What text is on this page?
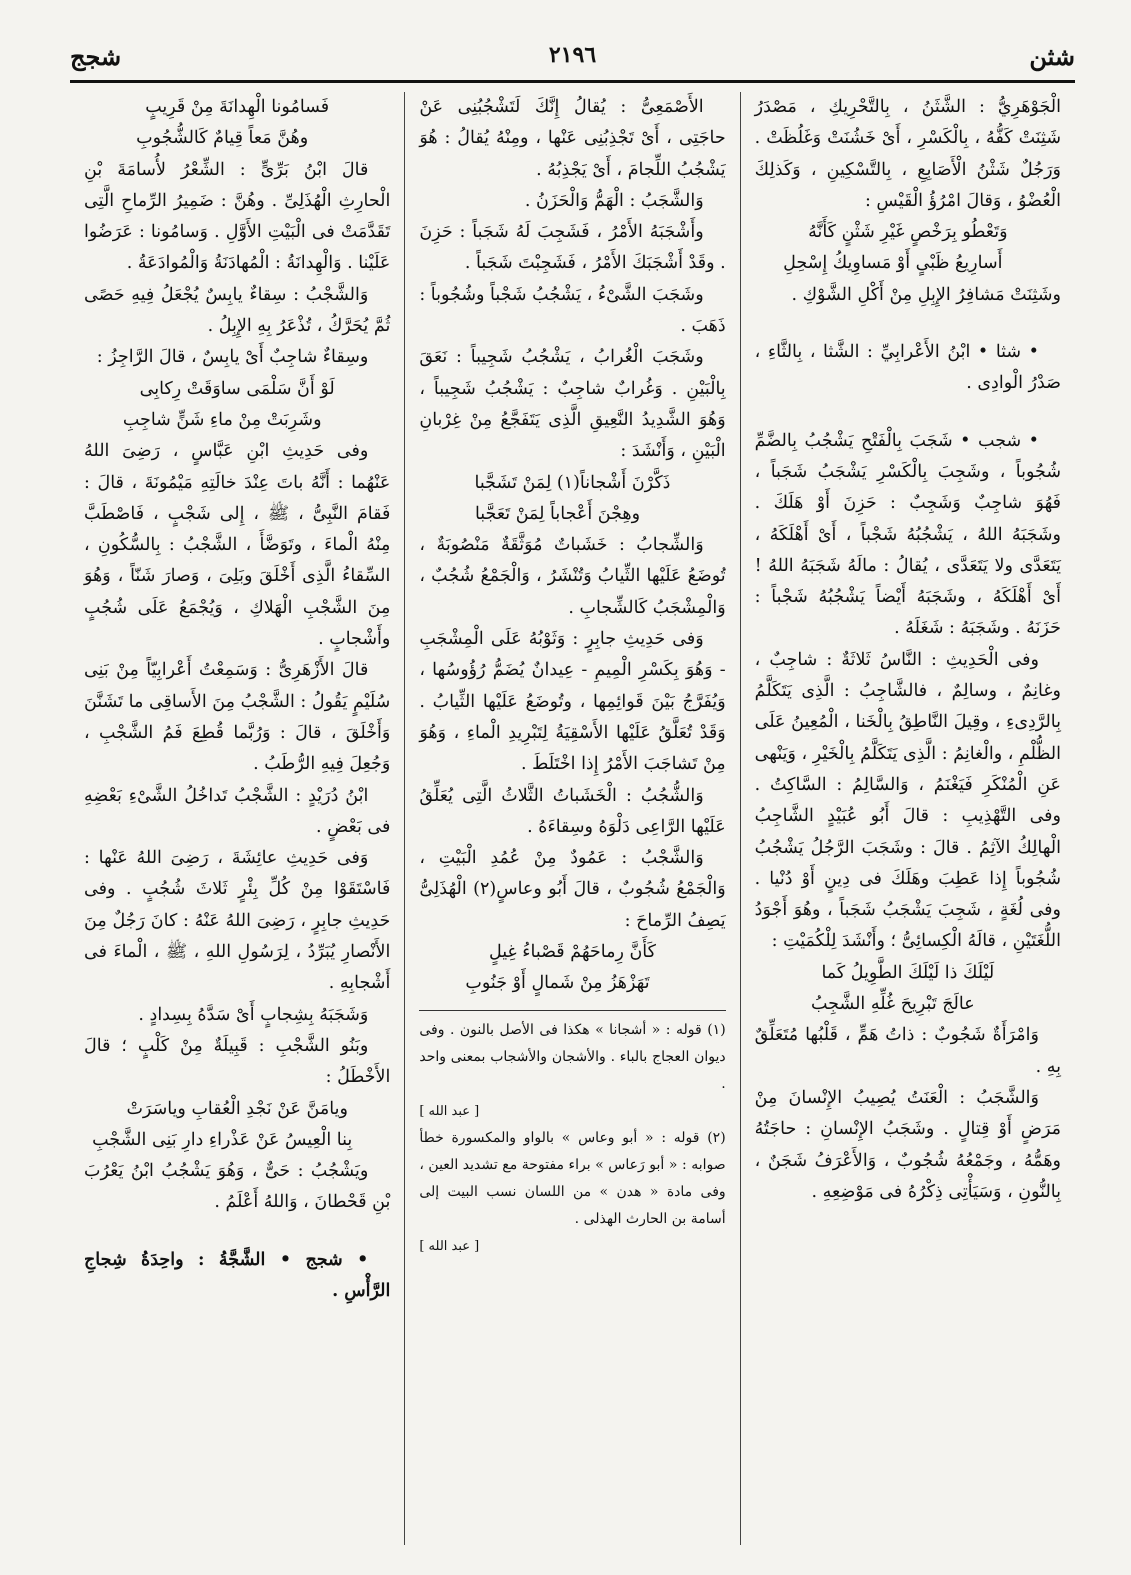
شثن
٢١٩٦
شجج

الْجَوْهَرِيُّ : الشَّثَنُ ، بِالتَّحْرِيكِ ، مَصْدَرُ شَثِنَتْ كَفُّهُ ، بِالْكَسْرِ ، أَىْ خَشُنَتْ وَغَلُظَتْ . وَرَجُلٌ شَثْنُ الْأَصَابِعِ ، بِالتَّسْكِينِ ، وَكَذلِكَ الْعُضْوُ ، وَقالَ امْرُؤُ الْقَيْسِ :

وَتَعْطُو بِرَخْصٍ غَيْرِ شَثْنٍ كَأَنَّهُ

أَسارِيعُ ظَبْىٍ أَوْ مَساوِيكُ إِسْحِلِ

وشَثِنَتْ مَشافِرُ الإِبِلِ مِنْ أَكْلِ الشَّوْكِ .

• شثا • ابْنُ الأَعْرابِيِّ : الشَّثا ، بِالثَّاءِ ، صَدْرُ الْوادِى .

• شجب • شَجَبَ بِالْفَتْحِ يَشْجُبُ بِالضَّمِّ شُجُوباً ، وشَجِبَ بِالْكَسْرِ يَشْجَبُ شَجَباً ، فَهُوَ شاجِبٌ وَشَجِبٌ : حَزِنَ أَوْ هَلَكَ . وشَجَبَهُ اللهُ ، يَشْجُبُهُ شَجْباً ، أَىْ أَهْلَكَهُ ، يَتَعَدَّى ولا يَتَعَدَّى ، يُقالُ : مالَهُ شَجَبَهُ اللهُ ! أَىْ أَهْلَكَهُ ، وشَجَبَهُ أَيْضاً يَشْجُبُهُ شَجْباً : حَزَنَهُ . وشَجَبَهُ : شَغَلَهُ .

وفى الْحَدِيثِ : النَّاسُ ثَلاثَةٌ : شاجِبٌ ، وغانِمٌ ، وسالِمٌ ، فالشَّاجِبُ : الَّذِى يَتَكَلَّمُ بِالرَّدِىءِ ، وقِيلَ النَّاطِقُ بِالْخَنا ، الْمُعِينُ عَلَى الظُّلْمِ ، والْغانِمُ : الَّذِى يَتَكَلَّمُ بِالْخَيْرِ ، وَيَنْهى عَنِ الْمُنْكَرِ فَيَغْنَمُ ، وَالسَّالِمُ : السَّاكِتُ . وفى التَّهْذِيبِ : قالَ أَبُو عُبَيْدٍ الشَّاجِبُ الْهالِكُ الآثِمُ . قالَ : وشَجَبَ الرَّجُلُ يَشْجُبُ شُجُوباً إِذا عَطِبَ وهَلَكَ فى دِينٍ أَوْ دُنْيا . وفى لُغَةٍ ، شَجِبَ يَشْجَبُ شَجَباً ، وهُوَ أَجْوَدُ اللُّغَتَيْنِ ، قالَهُ الْكِسائِىُّ ؛ وأَنْشَدَ لِلْكُمَيْتِ :

لَيْلَكَ ذا لَيْلَكَ الطَّوِيلُ كَما

عالَجَ تَبْرِيحَ غُلِّهِ الشَّجِبُ

وَامْرَأَةٌ شَجُوبٌ : ذاتُ هَمٍّ ، قَلْبُها مُتَعَلِّقٌ بِهِ .

وَالشَّجَبُ : الْعَنَتُ يُصِيبُ الإِنْسانَ مِنْ مَرَضٍ أَوْ قِتالٍ . وشَجَبُ الإِنْسانِ : حاجَتُهُ وهَمُّهُ ، وجَمْعُهُ شُجُوبٌ ، وَالأَعْرَفُ شَجَنٌ ، بِالنُّونِ ، وَسَيَأْتِى ذِكْرُهُ فى مَوْضِعِهِ .

الأَصْمَعِىُّ : يُقالُ إِنَّكَ لَتَشْجُبُنِى عَنْ حاجَتِى ، أَىْ تَجْذِبُنِى عَنْها ، ومِنْهُ يُقالُ : هُوَ يَشْجُبُ اللِّجامَ ، أَىْ يَجْذِبُهُ .

وَالشَّجَبُ : الْهَمُّ وَالْحَزَنُ .

وأَشْجَبَهُ الأَمْرُ ، فَشَجِبَ لَهُ شَجَباً : حَزِنَ . وقَدْ أَشْجَبَكَ الأَمْرُ ، فَشَجِبْتَ شَجَباً .

وشَجَبَ الشَّىْءُ ، يَشْجُبُ شَجْباً وشُجُوباً : ذَهَبَ .

وشَجَبَ الْغُرابُ ، يَشْجُبُ شَجِيباً : نَعَقَ بِالْبَيْنِ . وَغُرابٌ شاجِبٌ : يَشْجُبُ شَجِيباً ، وَهُوَ الشَّدِيدُ النَّعِيقِ الَّذِى يَتَفَجَّعُ مِنْ غِرْبانِ الْبَيْنِ ، وَأَنْشَدَ :

ذَكَّرْنَ أَشْجاناً(١) لِمَنْ تَشَجَّبا

وهِجْنَ أَعْجاباً لِمَنْ تَعَجَّبا

وَالشِّجابُ : خَشَباتٌ مُوَثَّقَةٌ مَنْصُوبَةٌ ، تُوضَعُ عَلَيْها الثِّيابُ وَتُنْشَرُ ، وَالْجَمْعُ شُجُبٌ ، وَالْمِشْجَبُ كَالشِّجابِ .

وَفى حَدِيثِ جابِرٍ : وَثَوْبُهُ عَلَى الْمِشْجَبِ - وَهُوَ بِكَسْرِ الْمِيمِ - عِيدانٌ يُضَمُّ رُؤُوسُها ، وَيُفَرَّجُ بَيْنَ قَوائِمِها ، وتُوضَعُ عَلَيْها الثِّيابُ . وَقَدْ تُعَلَّقُ عَلَيْها الأَسْقِيَةُ لِتَبْرِيدِ الْماءِ ، وَهُوَ مِنْ تَشاجَبَ الأَمْرُ إِذا اخْتَلَطَ .

وَالشُّجُبُ : الْخَشَباتُ الثَّلاثُ الَّتِى يُعَلِّقُ عَلَيْها الرَّاعِى دَلْوَهُ وسِقاءَهُ .

وَالشَّجْبُ : عَمُودٌ مِنْ عُمُدِ الْبَيْتِ ، وَالْجَمْعُ شُجُوبٌ ، قالَ أَبُو وعاسٍ(٢) الْهُذَلِىُّ يَصِفُ الرِّماحَ :

كَأَنَّ رِماحَهُمْ قَصْباءُ غِيلٍ

تَهَزْهَزُ مِنْ شَمالٍ أَوْ جَنُوبِ

(١) قوله : « أشجانا » هكذا فى الأصل بالنون . وفى ديوان العجاج بالباء . والأشجان والأشجاب بمعنى واحد .

[ عبد الله ]

(٢) قوله : « أبو وعاس » بالواو والمكسورة خطأ صوابه : « أبو رَعاس » براء مفتوحة مع تشديد العين ، وفى مادة « هدن » من اللسان نسب البيت إلى أسامة بن الحارث الهذلى .

[ عبد الله ]

فَسامُونا الْهِدانَةَ مِنْ قَرِيبٍ

وهُنَّ مَعاً قِيامٌ كَالشُّجُوبِ

قالَ ابْنُ بَرِّىٍّ : الشِّعْرُ لأُسامَةَ بْنِ الْحارِثِ الْهُذَلِىِّ . وهُنَّ : ضَمِيرُ الرِّماحِ الَّتِى تَقَدَّمَتْ فى الْبَيْتِ الأَوَّلِ . وَسامُونا : عَرَضُوا عَلَيْنا . وَالْهِدانَةُ : الْمُهادَنَةُ وَالْمُوادَعَةُ .

وَالشَّجْبُ : سِقاءٌ يابِسٌ يُجْعَلُ فِيهِ حَصًى ثُمَّ يُحَرَّكُ ، تُذْعَرُ بِهِ الإِبِلُ .

وسِقاءٌ شاجِبٌ أَىْ يابِسٌ ، قالَ الرَّاجِزُ :

لَوْ أَنَّ سَلْمَى ساوَقَتْ رِكابِى

وشَرِبَتْ مِنْ ماءِ شَنٍّ شاجِبِ

وفى حَدِيثِ ابْنِ عَبَّاسٍ ، رَضِىَ اللهُ عَنْهُما : أَنَّهُ باتَ عِنْدَ خالَتِهِ مَيْمُونَةَ ، قالَ : فَقامَ النَّبِىُّ ، ﷺ ، إِلى شَجْبٍ ، فَاصْطَبَّ مِنْهُ الْماءَ ، وتَوَضَّأَ ، الشَّجْبُ : بِالسُّكُونِ ، السِّقاءُ الَّذِى أَخْلَقَ وبَلِىَ ، وَصارَ شَنّاً ، وَهُوَ مِنَ الشَّجْبِ الْهَلاكِ ، وَيُجْمَعُ عَلَى شُجُبٍ وأَشْجابٍ .

قالَ الأَزْهَرِىُّ : وَسَمِعْتُ أَعْرابِيّاً مِنْ بَنِى سُلَيْمٍ يَقُولُ : الشَّجْبُ مِنَ الأَساقِى ما تَشَنَّنَ وَأَخْلَقَ ، قالَ : وَرُبَّما قُطِعَ فَمُ الشَّجْبِ ، وَجُعِلَ فِيهِ الرُّطَبُ .

ابْنُ دُرَيْدٍ : الشَّجْبُ تَداخُلُ الشَّىْءِ بَعْضِهِ فى بَعْضٍ .

وَفى حَدِيثِ عائِشَةَ ، رَضِىَ اللهُ عَنْها : فَاسْتَقَوْا مِنْ كُلِّ بِئْرٍ ثَلاثَ شُجُبٍ . وفى حَدِيثِ جابِرٍ ، رَضِىَ اللهُ عَنْهُ : كانَ رَجُلٌ مِنَ الأَنْصارِ يُبَرِّدُ ، لِرَسُولِ اللهِ ، ﷺ ، الْماءَ فى أَشْجابِهِ .

وَشَجَبَهُ بِشِجابٍ أَىْ سَدَّهُ بِسِدادٍ .

وبَنُو الشَّجْبِ : قَبِيلَةٌ مِنْ كَلْبٍ ؛ قالَ الأَخْطَلُ :

ويامَنَّ عَنْ نَجْدِ الْعُقابِ وياسَرَتْ

بِنا الْعِيسُ عَنْ عَذْراءِ دارِ بَنِى الشَّجْبِ

ويَشْجُبُ : حَىٌّ ، وَهُوَ يَشْجُبُ ابْنُ يَعْرُبَ بْنِ قَحْطانَ ، وَاللهُ أَعْلَمُ .

• شجج • الشَّجَّةُ : واحِدَةُ شِجاجِ الرَّأْسِ .
